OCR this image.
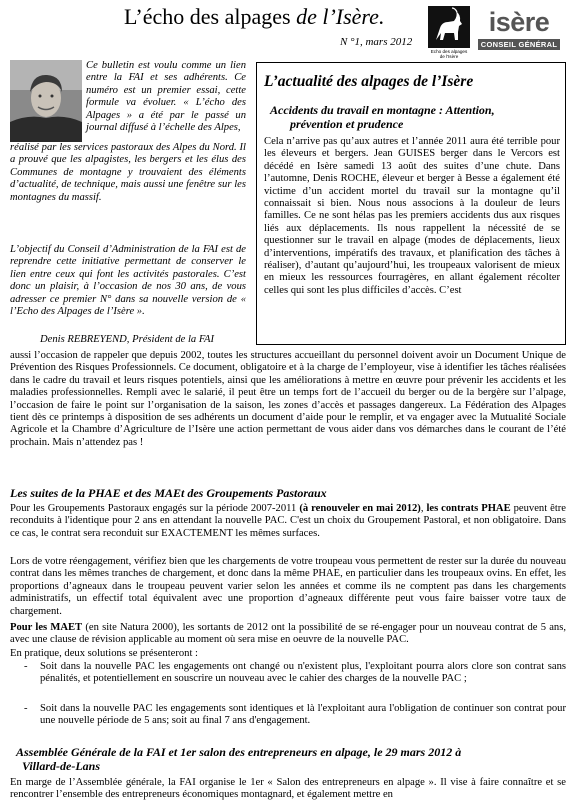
L’écho des alpages de l’Isère.
N °1, mars 2012
Echo des alpages de l'Isère
isère
CONSEIL GÉNÉRAL
Ce bulletin est voulu comme un lien entre la FAI et ses adhérents. Ce numéro est un premier essai, cette formule va évoluer. « L’écho des Alpages » a été par le passé un journal diffusé à l’échelle des Alpes,
réalisé par les services pastoraux des Alpes du Nord. Il a prouvé que les alpagistes, les bergers et les élus des Communes de montagne y trouvaient des éléments d’actualité, de technique, mais aussi une fenêtre sur les montagnes du massif.
L’objectif du Conseil d’Administration de la FAI est de reprendre cette initiative permettant de conserver le lien entre ceux qui font les activités pastorales. C’est donc un plaisir, à l’occasion de nos 30 ans, de vous adresser ce premier N° dans sa nouvelle version de « l’Echo des Alpages de l’Isère ».
Denis REBREYEND, Président de la FAI
L’actualité des alpages de l’Isère
Accidents du travail en montagne : Attention,
prévention et prudence
Cela n’arrive pas qu’aux autres et l’année 2011 aura été terrible pour les éleveurs et bergers. Jean GUISES berger dans le Vercors est décédé en Isère samedi 13 août des suites d’une chute. Dans l’automne, Denis ROCHE, éleveur et berger à Besse a également été victime d’un accident mortel du travail sur la montagne qu’il connaissait si bien. Nous nous associons à la douleur de leurs familles. Ce ne sont hélas pas les premiers accidents dus aux risques liés aux déplacements. Ils nous rappellent la nécessité de se questionner sur le travail en alpage (modes de déplacements, lieux d’interventions, impératifs des travaux, et planification des tâches à réaliser), d’autant qu’aujourd’hui, les troupeaux valorisent de mieux en mieux les ressources fourragères, en allant également récolter celles qui sont les plus difficiles d’accès. C’est
aussi l’occasion de rappeler que depuis 2002, toutes les structures accueillant du personnel doivent avoir un Document Unique de Prévention des Risques Professionnels. Ce document, obligatoire et à la charge de l’employeur, vise à identifier les tâches réalisées dans le cadre du travail et leurs risques potentiels, ainsi que les améliorations à mettre en œuvre pour prévenir les accidents et les maladies professionnelles. Rempli avec le salarié, il peut être un temps fort de l’accueil du berger ou de la bergère sur l’alpage, l’occasion de faire le point sur l’organisation de la saison, les zones d’accès et passages dangereux. La Fédération des Alpages tient dès ce printemps à disposition de ses adhérents un document d’aide pour le remplir, et va engager avec la Mutualité Sociale Agricole et la Chambre d’Agriculture de l’Isère une action permettant de vous aider dans vos démarches dans le courant de l’été prochain. Mais n’attendez pas !
Les suites de la PHAE et des MAEt des Groupements Pastoraux
Pour les Groupements Pastoraux engagés sur la période 2007-2011 (à renouveler en mai 2012), les contrats PHAE peuvent être reconduits à l'identique pour 2 ans en attendant la nouvelle PAC. C'est un choix du Groupement Pastoral, et non obligatoire. Dans ce cas, le contrat sera reconduit sur EXACTEMENT les mêmes surfaces.
Lors de votre réengagement, vérifiez bien que les chargements de votre troupeau vous permettent de rester sur la durée du nouveau contrat dans les mêmes tranches de chargement, et donc dans la même PHAE, en particulier dans les troupeaux ovins. En effet, les proportions d’agneaux dans le troupeau peuvent varier selon les années et comme ils ne comptent pas dans les chargements administratifs, un effectif total équivalent avec une proportion d’agneaux différente peut vous faire baisser votre taux de chargement.
Pour les MAET (en site Natura 2000), les sortants de 2012 ont la possibilité de se ré-engager pour un nouveau contrat de 5 ans, avec une clause de révision applicable au moment où sera mise en oeuvre de la nouvelle PAC.
En pratique, deux solutions se présenteront :
- Soit dans la nouvelle PAC les engagements ont changé ou n'existent plus, l'exploitant pourra alors clore son contrat sans pénalités, et potentiellement en souscrire un nouveau avec le cahier des charges de la nouvelle PAC ;
- Soit dans la nouvelle PAC les engagements sont identiques et là l'exploitant aura l'obligation de continuer son contrat pour une nouvelle période de 5 ans; soit au final 7 ans d'engagement.
Assemblée Générale de la FAI et 1er salon des entrepreneurs en alpage, le 29 mars 2012 à
Villard-de-Lans
En marge de l’Assemblée générale, la FAI organise le 1er « Salon des entrepreneurs en alpage ». Il vise à faire connaître et se rencontrer l’ensemble des entrepreneurs économiques montagnard, et également mettre en
